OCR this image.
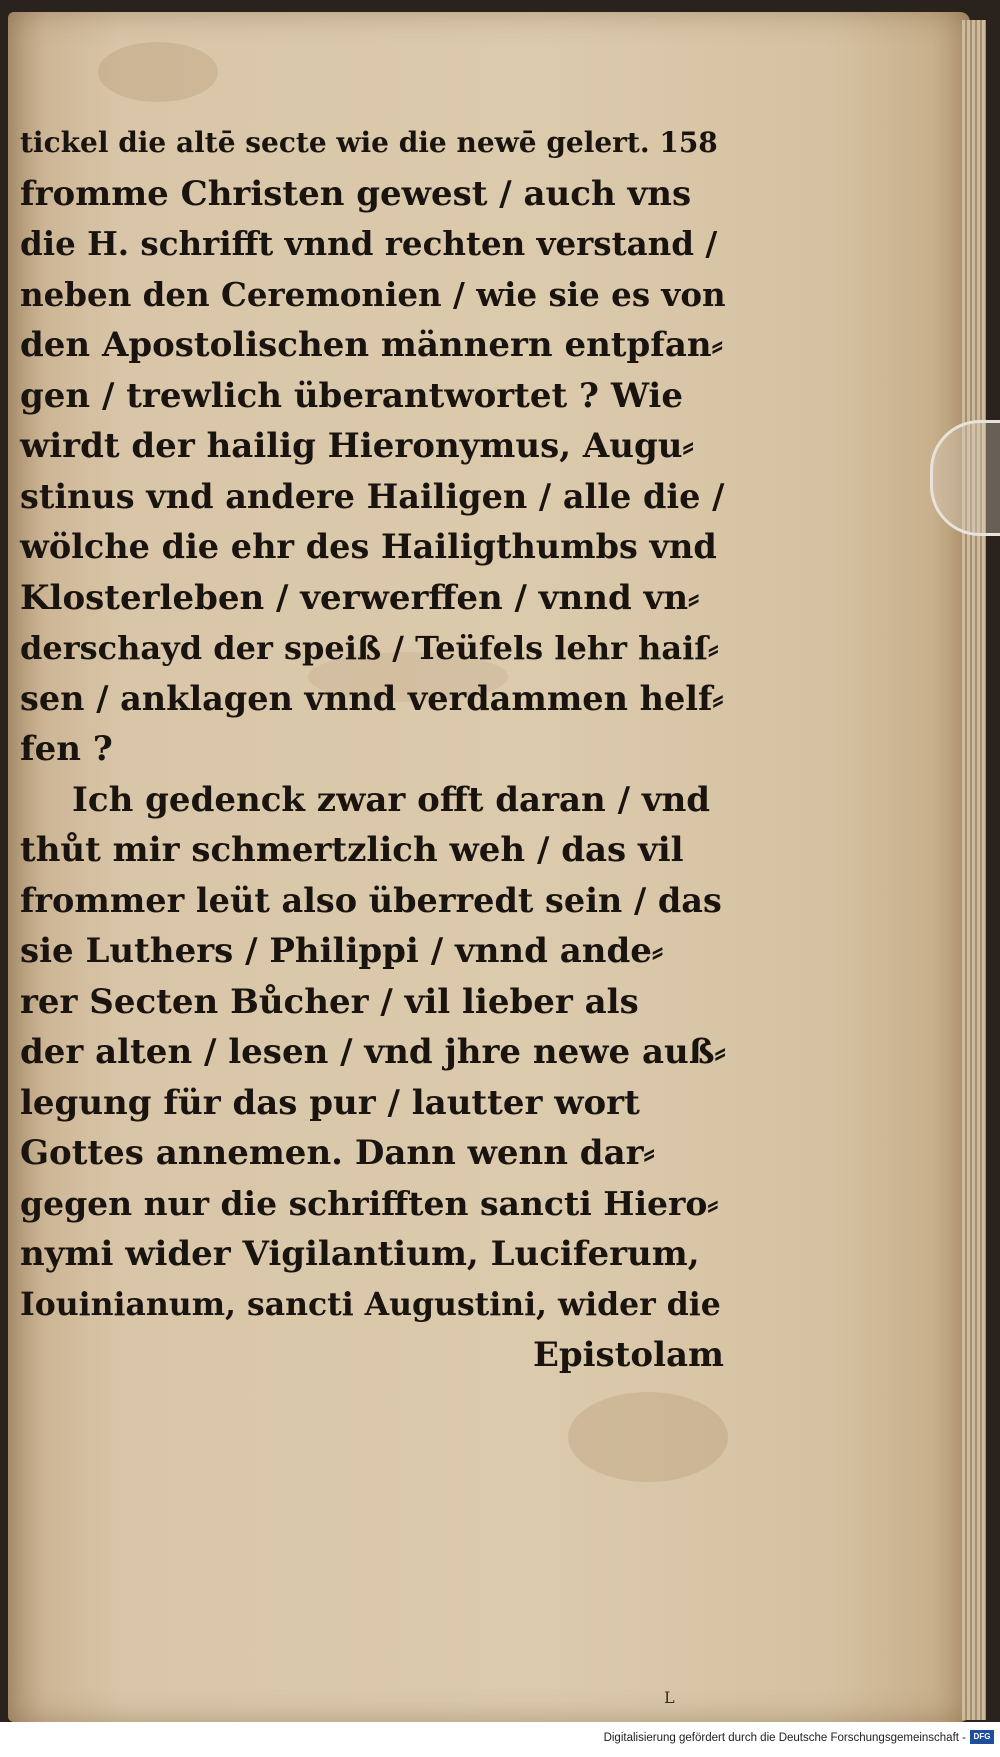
tickel die altē secte wie die newē gelert. 158
fromme Christen gewest / auch vns
die H. schrifft vnnd rechten verstand /
neben den Ceremonien / wie sie es von
den Apostolischen männern entpfan⸗
gen / trewlich überantwortet ? Wie
wirdt der hailig Hieronymus, Augu⸗
stinus vnd andere Hailigen / alle die /
wölche die ehr des Hailigthumbs vnd
Klosterleben / verwerffen / vnnd vn⸗
derschayd der speiß / Teüfels lehr haiſ⸗
sen / anklagen vnnd verdammen helf⸗
fen ?
Ich gedenck zwar offt daran / vnd
thůt mir schmertzlich weh / das vil
frommer leüt also überredt sein / das
sie Luthers / Philippi / vnnd ande⸗
rer Secten Bůcher / vil lieber als
der alten / lesen / vnd jhre newe auß⸗
legung für das pur / lautter wort
Gottes annemen. Dann wenn dar⸗
gegen nur die schrifften sancti Hiero⸗
nymi wider Vigilantium, Luciferum,
Iouinianum, sancti Augustini, wider die
Epistolam
L
Digitalisierung gefördert durch die Deutsche Forschungsgemeinschaft - DFG
